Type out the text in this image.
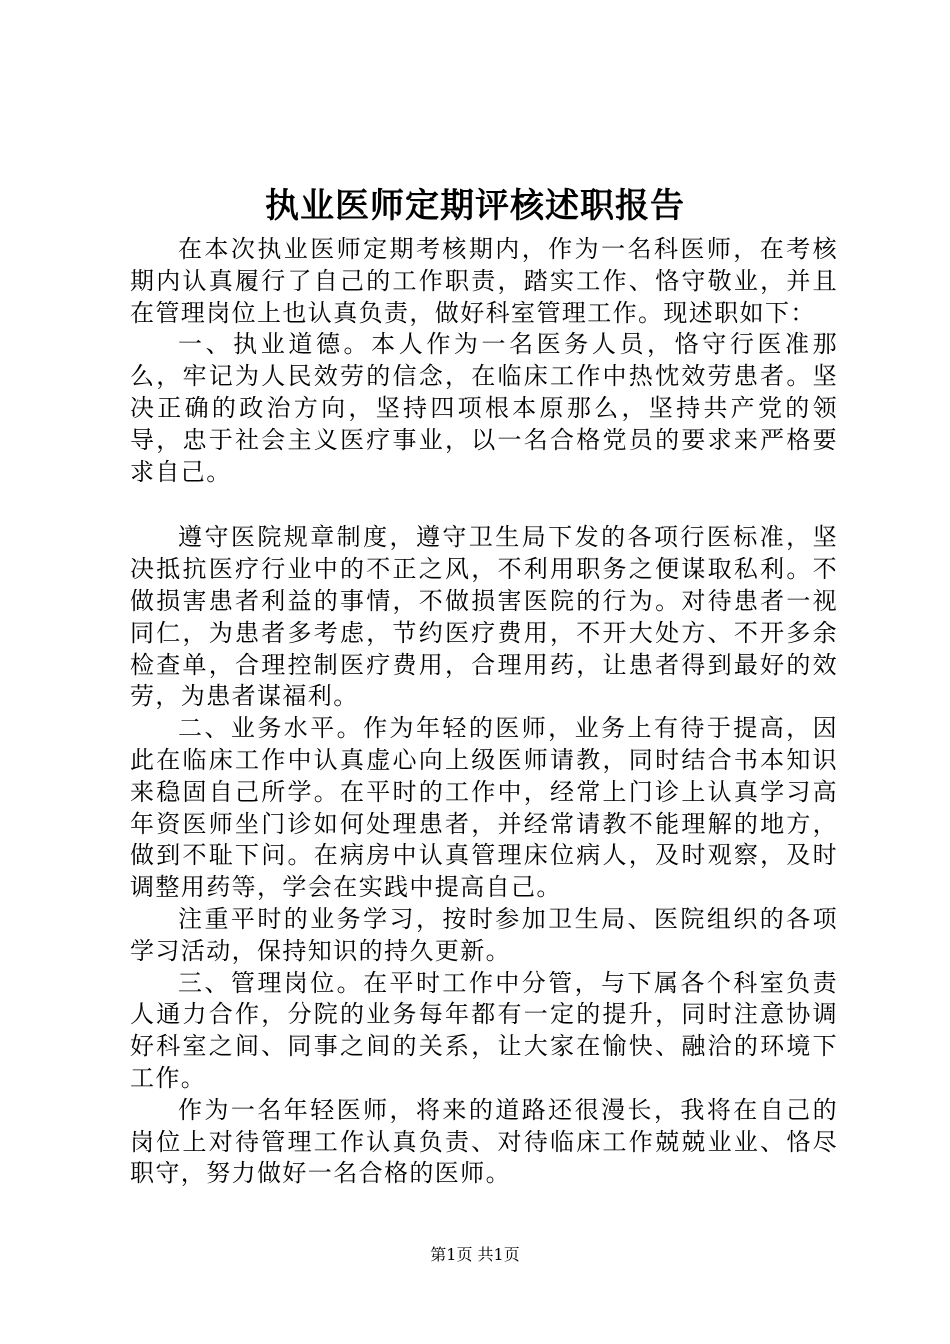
执业医师定期评核述职报告

在本次执业医师定期考核期内，作为一名科医师，在考核期内认真履行了自己的工作职责，踏实工作、恪守敬业，并且在管理岗位上也认真负责，做好科室管理工作。现述职如下：

一、执业道德。本人作为一名医务人员，恪守行医准那么，牢记为人民效劳的信念，在临床工作中热忱效劳患者。坚决正确的政治方向，坚持四项根本原那么，坚持共产党的领导，忠于社会主义医疗事业，以一名合格党员的要求来严格要求自己。

遵守医院规章制度，遵守卫生局下发的各项行医标准，坚决抵抗医疗行业中的不正之风，不利用职务之便谋取私利。不做损害患者利益的事情，不做损害医院的行为。对待患者一视同仁，为患者多考虑，节约医疗费用，不开大处方、不开多余检查单，合理控制医疗费用，合理用药，让患者得到最好的效劳，为患者谋福利。

二、业务水平。作为年轻的医师，业务上有待于提高，因此在临床工作中认真虚心向上级医师请教，同时结合书本知识来稳固自己所学。在平时的工作中，经常上门诊上认真学习高年资医师坐门诊如何处理患者，并经常请教不能理解的地方，做到不耻下问。在病房中认真管理床位病人，及时观察，及时调整用药等，学会在实践中提高自己。

注重平时的业务学习，按时参加卫生局、医院组织的各项学习活动，保持知识的持久更新。

三、管理岗位。在平时工作中分管，与下属各个科室负责人通力合作，分院的业务每年都有一定的提升，同时注意协调好科室之间、同事之间的关系，让大家在愉快、融洽的环境下工作。

作为一名年轻医师，将来的道路还很漫长，我将在自己的岗位上对待管理工作认真负责、对待临床工作兢兢业业、恪尽职守，努力做好一名合格的医师。

第1页 共1页
